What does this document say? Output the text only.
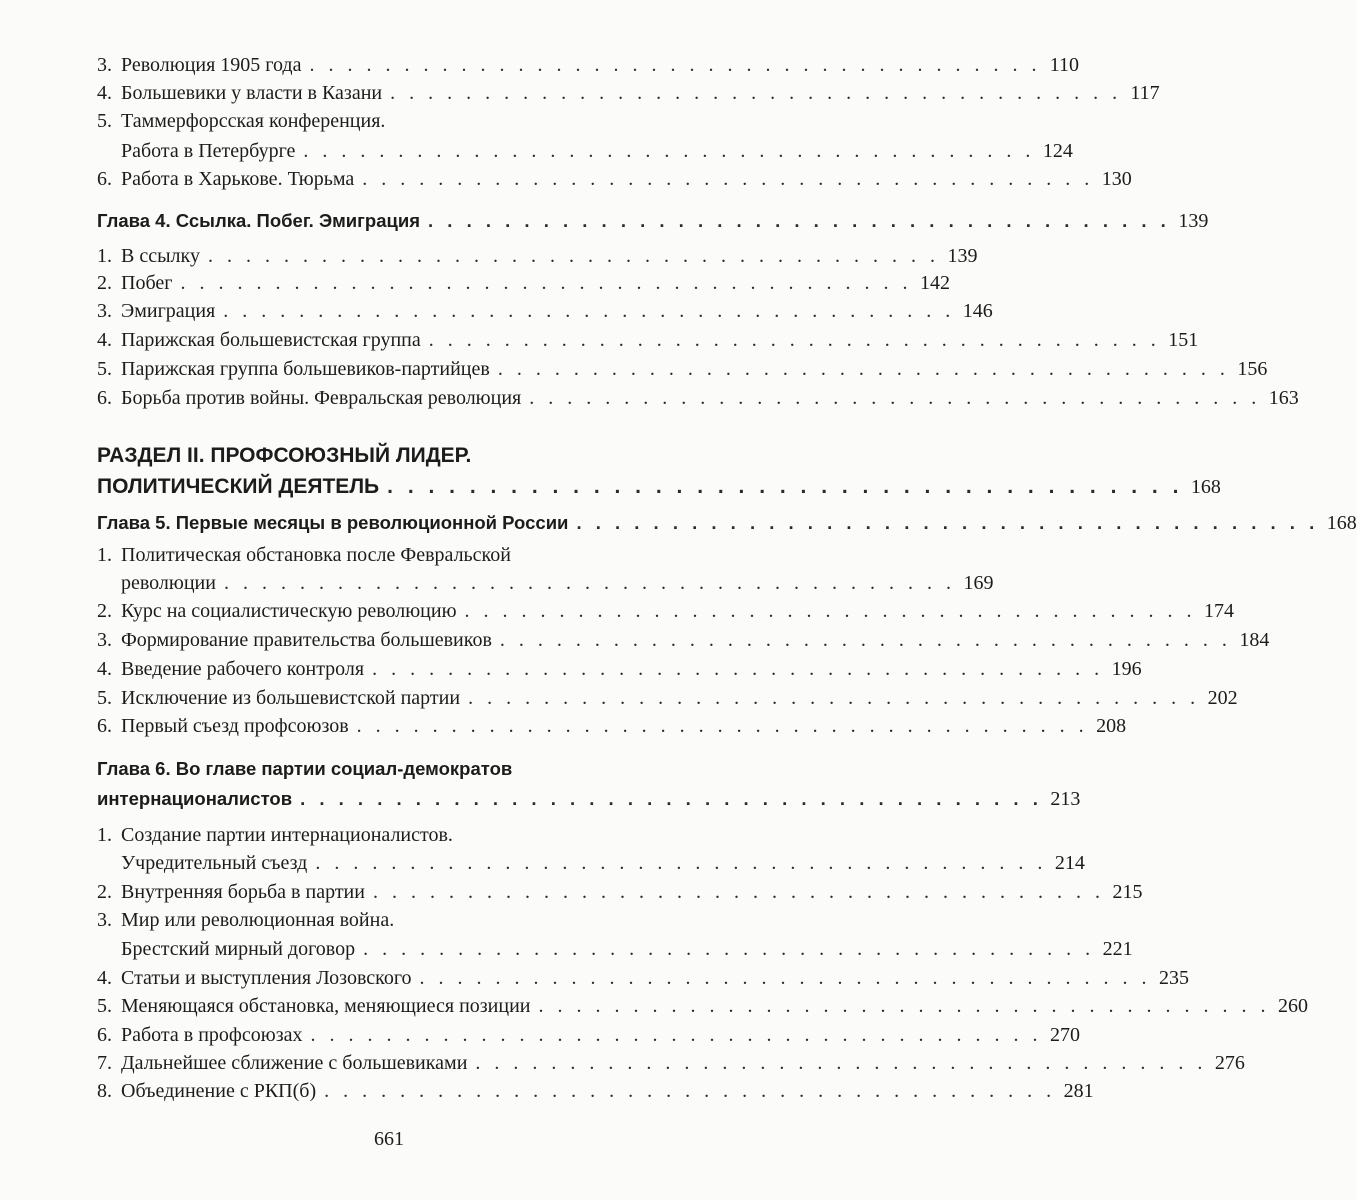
3. Революция 1905 года . . . . . . . . . . . . . . . . . . . . . . . . . . . . . . . . . . . . . . . 110
4. Большевики у власти в Казани . . . . . . . . . . . . . . . . . . . . . . . . . . . . . . . . . . . . . . . 117
5. Таммерфорсская конференция.
Работа в Петербурге . . . . . . . . . . . . . . . . . . . . . . . . . . . . . . . . . . . . . . . 124
6. Работа в Харькове. Тюрьма . . . . . . . . . . . . . . . . . . . . . . . . . . . . . . . . . . . . . . . 130
Глава 4. Ссылка. Побег. Эмиграция . . . . . . . . . . . . . . . . . . . . . . . . . . . . . . . . . . . . . . . 139
1. В ссылку . . . . . . . . . . . . . . . . . . . . . . . . . . . . . . . . . . . . . . . 139
2. Побег . . . . . . . . . . . . . . . . . . . . . . . . . . . . . . . . . . . . . . . 142
3. Эмиграция . . . . . . . . . . . . . . . . . . . . . . . . . . . . . . . . . . . . . . . 146
4. Парижская большевистская группа . . . . . . . . . . . . . . . . . . . . . . . . . . . . . . . . . . . . . . . 151
5. Парижская группа большевиков-партийцев . . . . . . . . . . . . . . . . . . . . . . . . . . . . . . . . . . . . . . . 156
6. Борьба против войны. Февральская революция . . . . . . . . . . . . . . . . . . . . . . . . . . . . . . . . . . . . . . . 163
РАЗДЕЛ II. ПРОФСОЮЗНЫЙ ЛИДЕР.
ПОЛИТИЧЕСКИЙ ДЕЯТЕЛЬ . . . . . . . . . . . . . . . . . . . . . . . . . . . . . . . . . . . . . . . 168
Глава 5. Первые месяцы в революционной России . . . . . . . . . . . . . . . . . . . . . . . . . . . . . . . . . . . . . . . 168
1. Политическая обстановка после Февральской
революции . . . . . . . . . . . . . . . . . . . . . . . . . . . . . . . . . . . . . . . 169
2. Курс на социалистическую революцию . . . . . . . . . . . . . . . . . . . . . . . . . . . . . . . . . . . . . . . 174
3. Формирование правительства большевиков . . . . . . . . . . . . . . . . . . . . . . . . . . . . . . . . . . . . . . . 184
4. Введение рабочего контроля . . . . . . . . . . . . . . . . . . . . . . . . . . . . . . . . . . . . . . . 196
5. Исключение из большевистской партии . . . . . . . . . . . . . . . . . . . . . . . . . . . . . . . . . . . . . . . 202
6. Первый съезд профсоюзов . . . . . . . . . . . . . . . . . . . . . . . . . . . . . . . . . . . . . . . 208
Глава 6. Во главе партии социал-демократов
интернационалистов . . . . . . . . . . . . . . . . . . . . . . . . . . . . . . . . . . . . . . . 213
1. Создание партии интернационалистов.
Учредительный съезд . . . . . . . . . . . . . . . . . . . . . . . . . . . . . . . . . . . . . . . 214
2. Внутренняя борьба в партии . . . . . . . . . . . . . . . . . . . . . . . . . . . . . . . . . . . . . . . 215
3. Мир или революционная война.
Брестский мирный договор . . . . . . . . . . . . . . . . . . . . . . . . . . . . . . . . . . . . . . . 221
4. Статьи и выступления Лозовского . . . . . . . . . . . . . . . . . . . . . . . . . . . . . . . . . . . . . . . 235
5. Меняющаяся обстановка, меняющиеся позиции . . . . . . . . . . . . . . . . . . . . . . . . . . . . . . . . . . . . . . . 260
6. Работа в профсоюзах . . . . . . . . . . . . . . . . . . . . . . . . . . . . . . . . . . . . . . . 270
7. Дальнейшее сближение с большевиками . . . . . . . . . . . . . . . . . . . . . . . . . . . . . . . . . . . . . . . 276
8. Объединение с РКП(б) . . . . . . . . . . . . . . . . . . . . . . . . . . . . . . . . . . . . . . . 281
661
